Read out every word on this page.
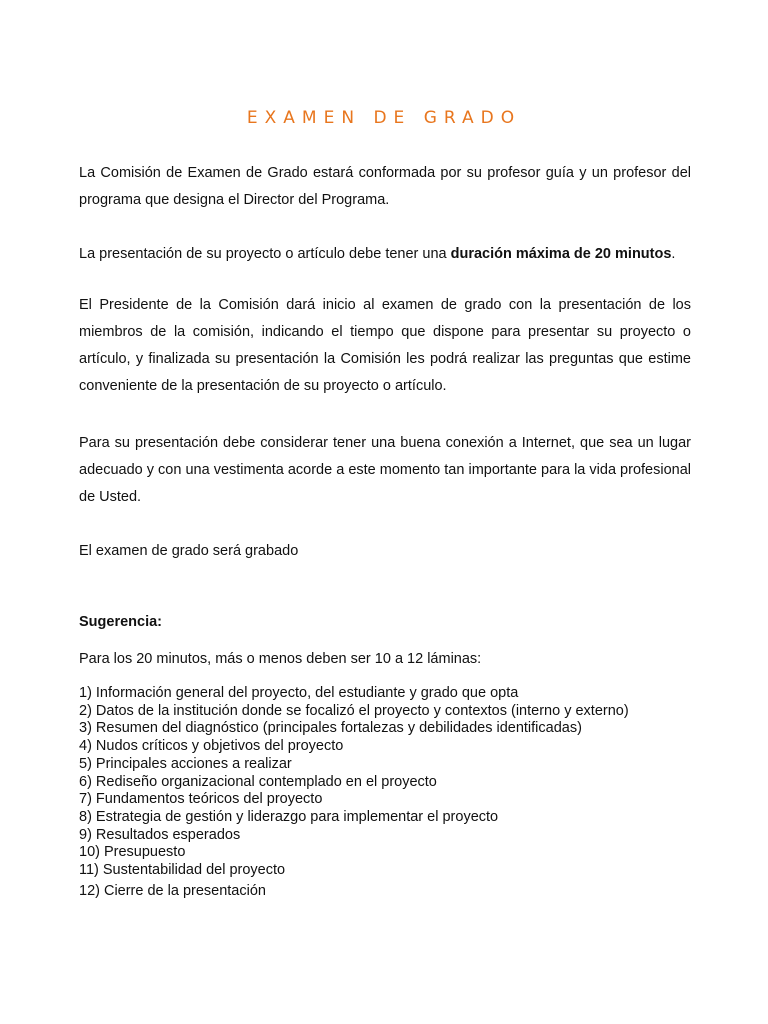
EXAMEN DE GRADO

La Comisión de Examen de Grado estará conformada por su profesor guía y un profesor del programa que designa el Director del Programa.

La presentación de su proyecto o artículo debe tener una duración máxima de 20 minutos.

El Presidente de la Comisión dará inicio al examen de grado con la presentación de los miembros de la comisión, indicando el tiempo que dispone para presentar su proyecto o artículo, y finalizada su presentación la Comisión les podrá realizar las preguntas que estime conveniente de la presentación de su proyecto o artículo.

Para su presentación debe considerar tener una buena conexión a Internet, que sea un lugar adecuado y con una vestimenta acorde a este momento tan importante para la vida profesional de Usted.

El examen de grado será grabado

Sugerencia:

Para los 20 minutos, más o menos deben ser 10 a 12 láminas:

1) Información general del proyecto, del estudiante y grado que opta
2) Datos de la institución donde se focalizó el proyecto y contextos (interno y externo)
3) Resumen del diagnóstico (principales fortalezas y debilidades identificadas)
4) Nudos críticos y objetivos del proyecto
5) Principales acciones a realizar
6) Rediseño organizacional contemplado en el proyecto
7) Fundamentos teóricos del proyecto
8) Estrategia de gestión y liderazgo para implementar el proyecto
9) Resultados esperados
10) Presupuesto
11) Sustentabilidad del proyecto
12) Cierre de la presentación
